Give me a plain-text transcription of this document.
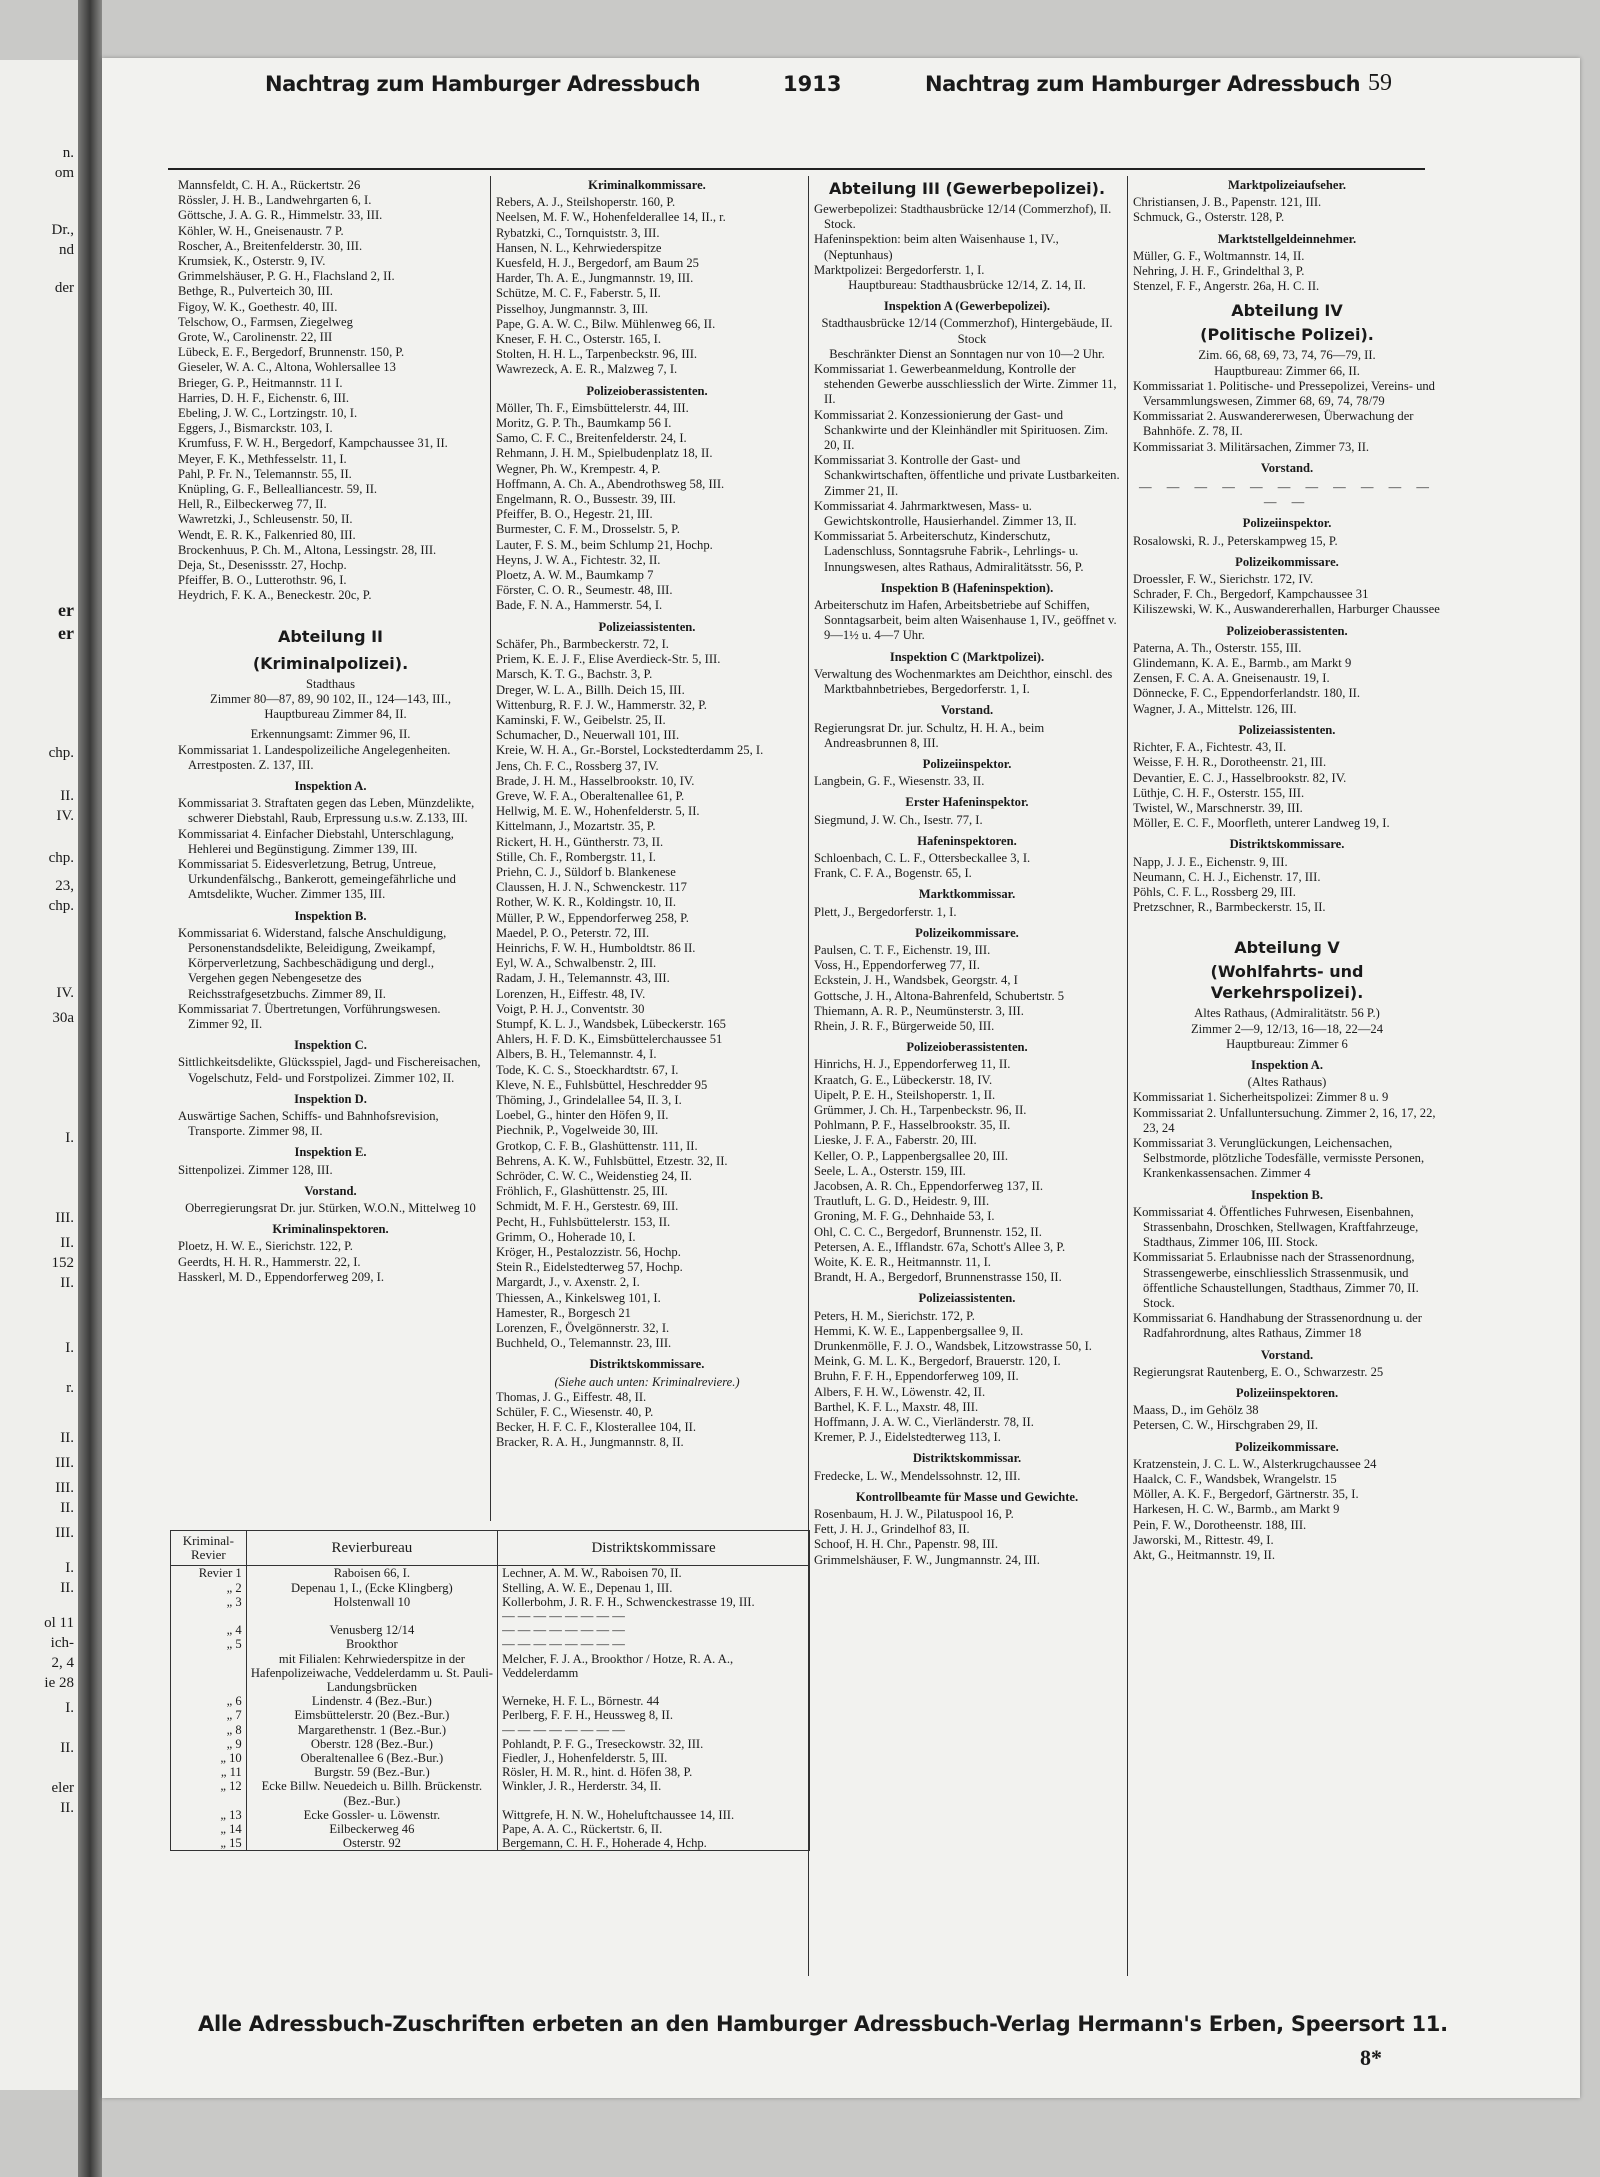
n.
om
Dr.,
nd
der
er
er
chp.
II.
IV.
chp.
23,
chp.
IV.
30a
I.
III.
II.
152
II.
I.
r.
II.
III.
III.
II.
III.
I.
II.
ol 11
ich-
2, 4
ie 28
I.
II.
eler
II.
Nachtrag zum Hamburger Adressbuch	1913	Nachtrag zum Hamburger Adressbuch 59
Mannsfeldt, C. H. A., Rückertstr. 26
Rössler, J. H. B., Landwehrgarten 6, I.
Göttsche, J. A. G. R., Himmelstr. 33, III.
Köhler, W. H., Gneisenaustr. 7 P.
Roscher, A., Breitenfelderstr. 30, III.
Krumsiek, K., Osterstr. 9, IV.
Grimmelshäuser, P. G. H., Flachsland 2, II.
Bethge, R., Pulverteich 30, III.
Figoy, W. K., Goethestr. 40, III.
Telschow, O., Farmsen, Ziegelweg
Grote, W., Carolinenstr. 22, III
Lübeck, E. F., Bergedorf, Brunnenstr. 150, P.
Gieseler, W. A. C., Altona, Wohlersallee 13
Brieger, G. P., Heitmannstr. 11 I.
Harries, D. H. F., Eichenstr. 6, III.
Ebeling, J. W. C., Lortzingstr. 10, I.
Eggers, J., Bismarckstr. 103, I.
Krumfuss, F. W. H., Bergedorf, Kampchaussee 31, II.
Meyer, F. K., Methfesselstr. 11, I.
Pahl, P. Fr. N., Telemannstr. 55, II.
Knüpling, G. F., Bellealliancestr. 59, II.
Hell, R., Eilbeckerweg 77, II.
Wawretzki, J., Schleusenstr. 50, II.
Wendt, E. R. K., Falkenried 80, III.
Brockenhuus, P. Ch. M., Altona, Lessingstr. 28, III.
Deja, St., Desenissstr. 27, Hochp.
Pfeiffer, B. O., Lutterothstr. 96, I.
Heydrich, F. K. A., Beneckestr. 20c, P.
Abteilung II
(Kriminalpolizei).
Stadthaus
Zimmer 80—87, 89, 90 102, II., 124—143, III., Hauptbureau Zimmer 84, II.
Erkennungsamt: Zimmer 96, II.
Kommissariat 1. Landespolizeiliche Angelegenheiten. Arrestposten. Z. 137, III.
Inspektion A.
Kommissariat 3. Straftaten gegen das Leben, Münzdelikte, schwerer Diebstahl, Raub, Erpressung u.s.w. Z.133, III.
Kommissariat 4. Einfacher Diebstahl, Unterschlagung, Hehlerei und Begünstigung. Zimmer 139, III.
Kommissariat 5. Eidesverletzung, Betrug, Untreue, Urkundenfälschg., Bankerott, gemeingefährliche und Amtsdelikte, Wucher. Zimmer 135, III.
Inspektion B.
Kommissariat 6. Widerstand, falsche Anschuldigung, Personenstandsdelikte, Beleidigung, Zweikampf, Körperverletzung, Sachbeschädigung und dergl., Vergehen gegen Nebengesetze des Reichsstrafgesetzbuchs. Zimmer 89, II.
Kommissariat 7. Übertretungen, Vorführungswesen. Zimmer 92, II.
Inspektion C.
Sittlichkeitsdelikte, Glücksspiel, Jagd- und Fischereisachen, Vogelschutz, Feld- und Forstpolizei. Zimmer 102, II.
Inspektion D.
Auswärtige Sachen, Schiffs- und Bahnhofsrevision, Transporte. Zimmer 98, II.
Inspektion E.
Sittenpolizei. Zimmer 128, III.
Vorstand.
Oberregierungsrat Dr. jur. Stürken, W.O.N., Mittelweg 10
Kriminalinspektoren.
Ploetz, H. W. E., Sierichstr. 122, P.
Geerdts, H. H. R., Hammerstr. 22, I.
Hasskerl, M. D., Eppendorferweg 209, I.
Kriminalkommissare.
Rebers, A. J., Steilshoperstr. 160, P.
Neelsen, M. F. W., Hohenfelderallee 14, II., r.
Rybatzki, C., Tornquiststr. 3, III.
Hansen, N. L., Kehrwiederspitze
Kuesfeld, H. J., Bergedorf, am Baum 25
Harder, Th. A. E., Jungmannstr. 19, III.
Schütze, M. C. F., Faberstr. 5, II.
Pisselhoy, Jungmannstr. 3, III.
Pape, G. A. W. C., Bilw. Mühlenweg 66, II.
Kneser, F. H. C., Osterstr. 165, I.
Stolten, H. H. L., Tarpenbeckstr. 96, III.
Wawrezeck, A. E. R., Malzweg 7, I.
Polizeioberassistenten.
Möller, Th. F., Eimsbüttelerstr. 44, III.
Moritz, G. P. Th., Baumkamp 56 I.
Samo, C. F. C., Breitenfelderstr. 24, I.
Rehmann, J. H. M., Spielbudenplatz 18, II.
Wegner, Ph. W., Krempestr. 4, P.
Hoffmann, A. Ch. A., Abendrothsweg 58, III.
Engelmann, R. O., Bussestr. 39, III.
Pfeiffer, B. O., Hegestr. 21, III.
Burmester, C. F. M., Drosselstr. 5, P.
Lauter, F. S. M., beim Schlump 21, Hochp.
Heyns, J. W. A., Fichtestr. 32, II.
Ploetz, A. W. M., Baumkamp 7
Förster, C. O. R., Seumestr. 48, III.
Bade, F. N. A., Hammerstr. 54, I.
Polizeiassistenten.
Schäfer, Ph., Barmbeckerstr. 72, I.
Priem, K. E. J. F., Elise Averdieck-Str. 5, III.
Marsch, K. T. G., Bachstr. 3, P.
Dreger, W. L. A., Billh. Deich 15, III.
Wittenburg, R. F. J. W., Hammerstr. 32, P.
Kaminski, F. W., Geibelstr. 25, II.
Schumacher, D., Neuerwall 101, III.
Kreie, W. H. A., Gr.-Borstel, Lockstedterdamm 25, I.
Jens, Ch. F. C., Rossberg 37, IV.
Brade, J. H. M., Hasselbrookstr. 10, IV.
Greve, W. F. A., Oberaltenallee 61, P.
Hellwig, M. E. W., Hohenfelderstr. 5, II.
Kittelmann, J., Mozartstr. 35, P.
Rickert, H. H., Güntherstr. 73, II.
Stille, Ch. F., Rombergstr. 11, I.
Priehn, C. J., Süldorf b. Blankenese
Claussen, H. J. N., Schwenckestr. 117
Rother, W. K. R., Koldingstr. 10, II.
Müller, P. W., Eppendorferweg 258, P.
Maedel, P. O., Peterstr. 72, III.
Heinrichs, F. W. H., Humboldtstr. 86 II.
Eyl, W. A., Schwalbenstr. 2, III.
Radam, J. H., Telemannstr. 43, III.
Lorenzen, H., Eiffestr. 48, IV.
Voigt, P. H. J., Conventstr. 30
Stumpf, K. L. J., Wandsbek, Lübeckerstr. 165
Ahlers, H. F. D. K., Eimsbüttelerchaussee 51
Albers, B. H., Telemannstr. 4, I.
Tode, K. C. S., Stoeckhardtstr. 67, I.
Kleve, N. E., Fuhlsbüttel, Heschredder 95
Thöming, J., Grindelallee 54, II. 3, I.
Loebel, G., hinter den Höfen 9, II.
Piechnik, P., Vogelweide 30, III.
Grotkop, C. F. B., Glashüttenstr. 111, II.
Behrens, A. K. W., Fuhlsbüttel, Etzestr. 32, II.
Schröder, C. W. C., Weidenstieg 24, II.
Fröhlich, F., Glashüttenstr. 25, III.
Schmidt, M. F. H., Gerstestr. 69, III.
Pecht, H., Fuhlsbüttelerstr. 153, II.
Grimm, O., Hoherade 10, I.
Kröger, H., Pestalozzistr. 56, Hochp.
Stein R., Eidelstedterweg 57, Hochp.
Margardt, J., v. Axenstr. 2, I.
Thiessen, A., Kinkelsweg 101, I.
Hamester, R., Borgesch 21
Lorenzen, F., Övelgönnerstr. 32, I.
Buchheld, O., Telemannstr. 23, III.
Distriktskommissare.
(Siehe auch unten: Kriminalreviere.)
Thomas, J. G., Eiffestr. 48, II.
Schüler, F. C., Wiesenstr. 40, P.
Becker, H. F. C. F., Klosterallee 104, II.
Bracker, R. A. H., Jungmannstr. 8, II.
Abteilung III (Gewerbepolizei).
Gewerbepolizei: Stadthausbrücke 12/14 (Commerzhof), II. Stock.
Hafeninspektion: beim alten Waisenhause 1, IV., (Neptunhaus)
Marktpolizei: Bergedorferstr. 1, I.
Hauptbureau: Stadthausbrücke 12/14, Z. 14, II.
Inspektion A (Gewerbepolizei).
Stadthausbrücke 12/14 (Commerzhof), Hintergebäude, II. Stock
Beschränkter Dienst an Sonntagen nur von 10—2 Uhr.
Kommissariat 1. Gewerbeanmeldung, Kontrolle der stehenden Gewerbe ausschliesslich der Wirte. Zimmer 11, II.
Kommissariat 2. Konzessionierung der Gast- und Schankwirte und der Kleinhändler mit Spirituosen. Zim. 20, II.
Kommissariat 3. Kontrolle der Gast- und Schankwirtschaften, öffentliche und private Lustbarkeiten. Zimmer 21, II.
Kommissariat 4. Jahrmarktwesen, Mass- u. Gewichtskontrolle, Hausierhandel. Zimmer 13, II.
Kommissariat 5. Arbeiterschutz, Kinderschutz, Ladenschluss, Sonntagsruhe Fabrik-, Lehrlings- u. Innungswesen, altes Rathaus, Admiralitätsstr. 56, P.
Inspektion B (Hafeninspektion).
Arbeiterschutz im Hafen, Arbeitsbetriebe auf Schiffen, Sonntagsarbeit, beim alten Waisenhause 1, IV., geöffnet v. 9—1½ u. 4—7 Uhr.
Inspektion C (Marktpolizei).
Verwaltung des Wochenmarktes am Deichthor, einschl. des Marktbahnbetriebes, Bergedorferstr. 1, I.
Vorstand.
Regierungsrat Dr. jur. Schultz, H. H. A., beim Andreasbrunnen 8, III.
Polizeiinspektor.
Langbein, G. F., Wiesenstr. 33, II.
Erster Hafeninspektor.
Siegmund, J. W. Ch., Isestr. 77, I.
Hafeninspektoren.
Schloenbach, C. L. F., Ottersbeckallee 3, I.
Frank, C. F. A., Bogenstr. 65, I.
Marktkommissar.
Plett, J., Bergedorferstr. 1, I.
Polizeikommissare.
Paulsen, C. T. F., Eichenstr. 19, III.
Voss, H., Eppendorferweg 77, II.
Eckstein, J. H., Wandsbek, Georgstr. 4, I
Gottsche, J. H., Altona-Bahrenfeld, Schubertstr. 5
Thiemann, A. R. P., Neumünsterstr. 3, III.
Rhein, J. R. F., Bürgerweide 50, III.
Polizeioberassistenten.
Hinrichs, H. J., Eppendorferweg 11, II.
Kraatch, G. E., Lübeckerstr. 18, IV.
Uipelt, P. E. H., Steilshoperstr. 1, II.
Grümmer, J. Ch. H., Tarpenbeckstr. 96, II.
Pohlmann, P. F., Hasselbrookstr. 35, II.
Lieske, J. F. A., Faberstr. 20, III.
Keller, O. P., Lappenbergsallee 20, III.
Seele, L. A., Osterstr. 159, III.
Jacobsen, A. R. Ch., Eppendorferweg 137, II.
Trautluft, L. G. D., Heidestr. 9, III.
Groning, M. F. G., Dehnhaide 53, I.
Ohl, C. C. C., Bergedorf, Brunnenstr. 152, II.
Petersen, A. E., Ifflandstr. 67a, Schott's Allee 3, P.
Woite, K. E. R., Heitmannstr. 11, I.
Brandt, H. A., Bergedorf, Brunnenstrasse 150, II.
Polizeiassistenten.
Peters, H. M., Sierichstr. 172, P.
Hemmi, K. W. E., Lappenbergsallee 9, II.
Drunkenmölle, F. J. O., Wandsbek, Litzowstrasse 50, I.
Meink, G. M. L. K., Bergedorf, Brauerstr. 120, I.
Bruhn, F. F. H., Eppendorferweg 109, II.
Albers, F. H. W., Löwenstr. 42, II.
Barthel, K. F. L., Maxstr. 48, III.
Hoffmann, J. A. W. C., Vierländerstr. 78, II.
Kremer, P. J., Eidelstedterweg 113, I.
Distriktskommissar.
Fredecke, L. W., Mendelssohnstr. 12, III.
Kontrollbeamte für Masse und Gewichte.
Rosenbaum, H. J. W., Pilatuspool 16, P.
Fett, J. H. J., Grindelhof 83, II.
Schoof, H. H. Chr., Papenstr. 98, III.
Grimmelshäuser, F. W., Jungmannstr. 24, III.
Marktpolizeiaufseher.
Christiansen, J. B., Papenstr. 121, III.
Schmuck, G., Osterstr. 128, P.
Marktstellgeldeinnehmer.
Müller, G. F., Woltmannstr. 14, II.
Nehring, J. H. F., Grindelthal 3, P.
Stenzel, F. F., Angerstr. 26a, H. C. II.
Abteilung IV
(Politische Polizei).
Zim. 66, 68, 69, 73, 74, 76—79, II.
Hauptbureau: Zimmer 66, II.
Kommissariat 1. Politische- und Pressepolizei, Vereins- und Versammlungswesen, Zimmer 68, 69, 74, 78/79
Kommissariat 2. Auswandererwesen, Überwachung der Bahnhöfe. Z. 78, II.
Kommissariat 3. Militärsachen, Zimmer 73, II.
Vorstand.
— — — — — — — — — — — — —
Polizeiinspektor.
Rosalowski, R. J., Peterskampweg 15, P.
Polizeikommissare.
Droessler, F. W., Sierichstr. 172, IV.
Schrader, F. Ch., Bergedorf, Kampchaussee 31
Kiliszewski, W. K., Auswandererhallen, Harburger Chaussee
Polizeioberassistenten.
Paterna, A. Th., Osterstr. 155, III.
Glindemann, K. A. E., Barmb., am Markt 9
Zensen, F. C. A. A. Gneisenaustr. 19, I.
Dönnecke, F. C., Eppendorferlandstr. 180, II.
Wagner, J. A., Mittelstr. 126, III.
Polizeiassistenten.
Richter, F. A., Fichtestr. 43, II.
Weisse, F. H. R., Dorotheenstr. 21, III.
Devantier, E. C. J., Hasselbrookstr. 82, IV.
Lüthje, C. H. F., Osterstr. 155, III.
Twistel, W., Marschnerstr. 39, III.
Möller, E. C. F., Moorfleth, unterer Landweg 19, I.
Distriktskommissare.
Napp, J. J. E., Eichenstr. 9, III.
Neumann, C. H. J., Eichenstr. 17, III.
Pöhls, C. F. L., Rossberg 29, III.
Pretzschner, R., Barmbeckerstr. 15, II.
Abteilung V
(Wohlfahrts- und Verkehrspolizei).
Altes Rathaus, (Admiralitätstr. 56 P.)
Zimmer 2—9, 12/13, 16—18, 22—24
Hauptbureau: Zimmer 6
Inspektion A.
(Altes Rathaus)
Kommissariat 1. Sicherheitspolizei: Zimmer 8 u. 9
Kommissariat 2. Unfalluntersuchung. Zimmer 2, 16, 17, 22, 23, 24
Kommissariat 3. Verunglückungen, Leichensachen, Selbstmorde, plötzliche Todesfälle, vermisste Personen, Krankenkassensachen. Zimmer 4
Inspektion B.
Kommissariat 4. Öffentliches Fuhrwesen, Eisenbahnen, Strassenbahn, Droschken, Stellwagen, Kraftfahrzeuge, Stadthaus, Zimmer 106, III. Stock.
Kommissariat 5. Erlaubnisse nach der Strassenordnung, Strassengewerbe, einschliesslich Strassenmusik, und öffentliche Schaustellungen, Stadthaus, Zimmer 70, II. Stock.
Kommissariat 6. Handhabung der Strassenordnung u. der Radfahrordnung, altes Rathaus, Zimmer 18
Vorstand.
Regierungsrat Rautenberg, E. O., Schwarzestr. 25
Polizeiinspektoren.
Maass, D., im Gehölz 38
Petersen, C. W., Hirschgraben 29, II.
Polizeikommissare.
Kratzenstein, J. C. L. W., Alsterkrugchaussee 24
Haalck, C. F., Wandsbek, Wrangelstr. 15
Möller, A. K. F., Bergedorf, Gärtnerstr. 35, I.
Harkesen, H. C. W., Barmb., am Markt 9
Pein, F. W., Dorotheenstr. 188, III.
Jaworski, M., Rittestr. 49, I.
Akt, G., Heitmannstr. 19, II.
Kriminal-Revier	Revierbureau	Distriktskommissare
Revier 1	Raboisen 66, I.	Lechner, A. M. W., Raboisen 70, II.
„ 2	Depenau 1, I., (Ecke Klingberg)	Stelling, A. W. E., Depenau 1, III.
„ 3	Holstenwall 10	Kollerbohm, J. R. F. H., Schwenckestrasse 19, III.
		— — — — — — — —
„ 4	Venusberg 12/14	— — — — — — — —
„ 5	Brookthor	— — — — — — — —
	mit Filialen: Kehrwiederspitze in der Hafenpolizeiwache, Veddelerdamm u. St. Pauli-Landungsbrücken	Melcher, F. J. A., Brookthor / Hotze, R. A. A., Veddelerdamm
„ 6	Lindenstr. 4 (Bez.-Bur.)	Werneke, H. F. L., Börnestr. 44
„ 7	Eimsbüttelerstr. 20 (Bez.-Bur.)	Perlberg, F. F. H., Heussweg 8, II.
„ 8	Margarethenstr. 1 (Bez.-Bur.)	— — — — — — — —
„ 9	Oberstr. 128 (Bez.-Bur.)	Pohlandt, P. F. G., Treseckowstr. 32, III.
„ 10	Oberaltenallee 6 (Bez.-Bur.)	Fiedler, J., Hohenfelderstr. 5, III.
„ 11	Burgstr. 59 (Bez.-Bur.)	Rösler, H. M. R., hint. d. Höfen 38, P.
„ 12	Ecke Billw. Neuedeich u. Billh. Brückenstr. (Bez.-Bur.)	Winkler, J. R., Herderstr. 34, II.
„ 13	Ecke Gossler- u. Löwenstr.	Wittgrefe, H. N. W., Hoheluftchaussee 14, III.
„ 14	Eilbeckerweg 46	Pape, A. A. C., Rückertstr. 6, II.
„ 15	Osterstr. 92	Bergemann, C. H. F., Hoherade 4, Hchp.
Alle Adressbuch-Zuschriften erbeten an den Hamburger Adressbuch-Verlag Hermann's Erben, Speersort 11.
8*
